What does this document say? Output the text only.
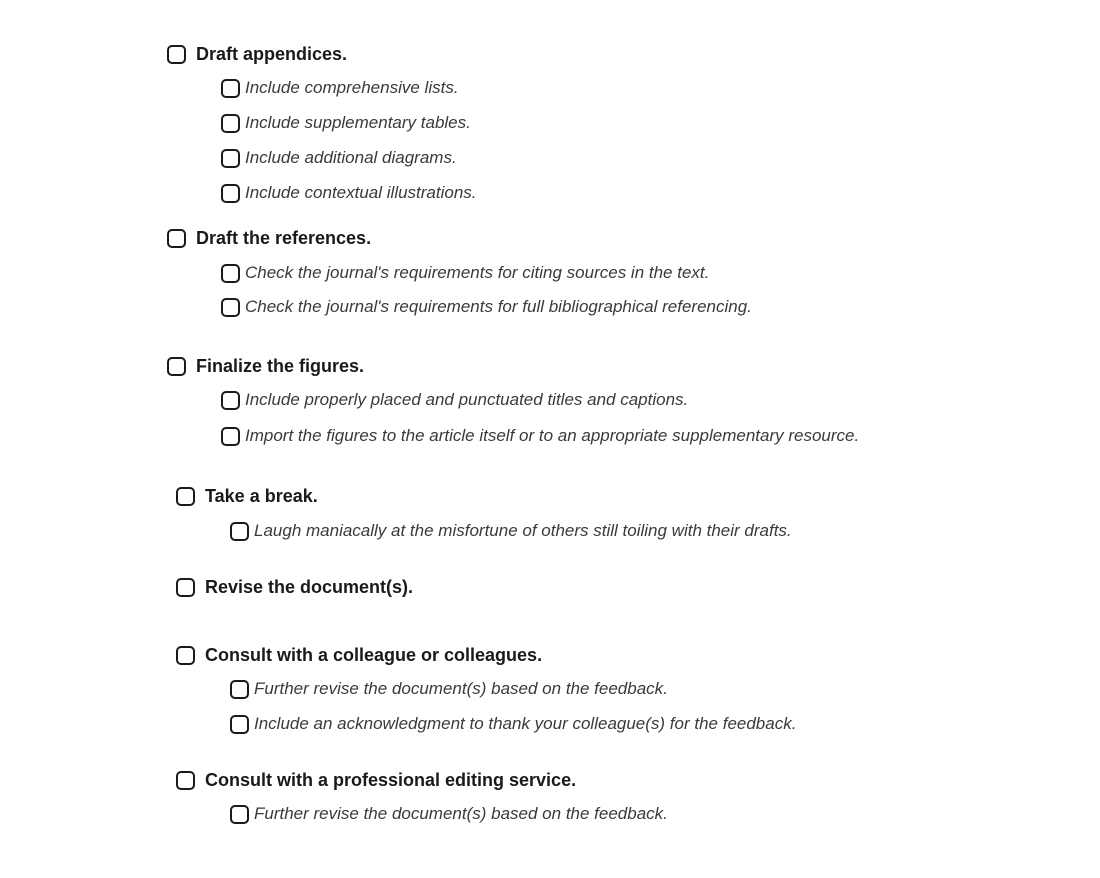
Draft appendices.
Include comprehensive lists.
Include supplementary tables.
Include additional diagrams.
Include contextual illustrations.
Draft the references.
Check the journal's requirements for citing sources in the text.
Check the journal's requirements for full bibliographical referencing.
Finalize the figures.
Include properly placed and punctuated titles and captions.
Import the figures to the article itself or to an appropriate supplementary resource.
Take a break.
Laugh maniacally at the misfortune of others still toiling with their drafts.
Revise the document(s).
Consult with a colleague or colleagues.
Further revise the document(s) based on the feedback.
Include an acknowledgment to thank your colleague(s) for the feedback.
Consult with a professional editing service.
Further revise the document(s) based on the feedback.
